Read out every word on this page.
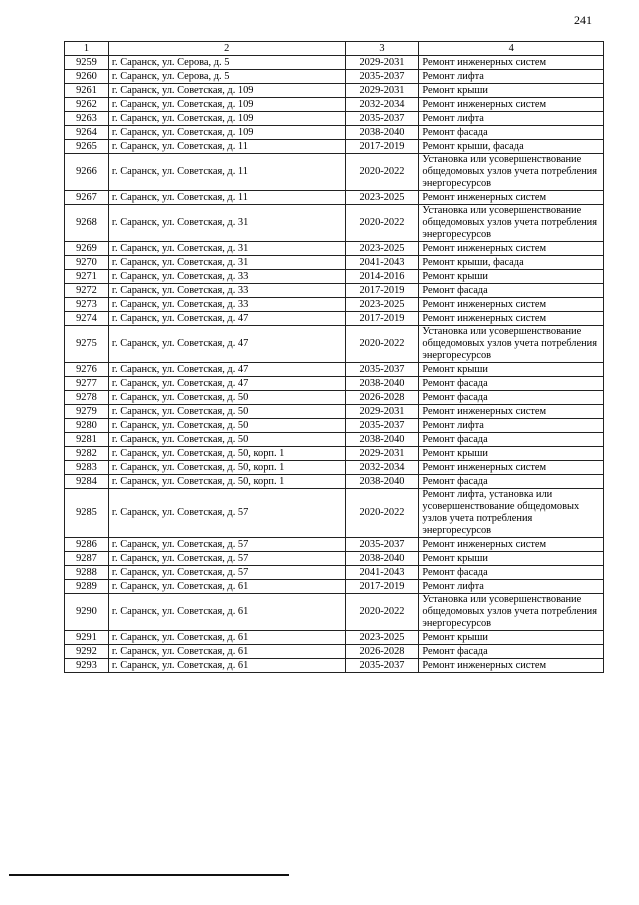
241
1	2	3	4
9259	г. Саранск, ул. Серова, д. 5	2029-2031	Ремонт инженерных систем
9260	г. Саранск, ул. Серова, д. 5	2035-2037	Ремонт лифта
9261	г. Саранск, ул. Советская, д. 109	2029-2031	Ремонт крыши
9262	г. Саранск, ул. Советская, д. 109	2032-2034	Ремонт инженерных систем
9263	г. Саранск, ул. Советская, д. 109	2035-2037	Ремонт лифта
9264	г. Саранск, ул. Советская, д. 109	2038-2040	Ремонт фасада
9265	г. Саранск, ул. Советская, д. 11	2017-2019	Ремонт крыши, фасада
9266	г. Саранск, ул. Советская, д. 11	2020-2022	Установка или усовершенствование общедомовых узлов учета потребления энергоресурсов
9267	г. Саранск, ул. Советская, д. 11	2023-2025	Ремонт инженерных систем
9268	г. Саранск, ул. Советская, д. 31	2020-2022	Установка или усовершенствование общедомовых узлов учета потребления энергоресурсов
9269	г. Саранск, ул. Советская, д. 31	2023-2025	Ремонт инженерных систем
9270	г. Саранск, ул. Советская, д. 31	2041-2043	Ремонт крыши, фасада
9271	г. Саранск, ул. Советская, д. 33	2014-2016	Ремонт крыши
9272	г. Саранск, ул. Советская, д. 33	2017-2019	Ремонт фасада
9273	г. Саранск, ул. Советская, д. 33	2023-2025	Ремонт инженерных систем
9274	г. Саранск, ул. Советская, д. 47	2017-2019	Ремонт инженерных систем
9275	г. Саранск, ул. Советская, д. 47	2020-2022	Установка или усовершенствование общедомовых узлов учета потребления энергоресурсов
9276	г. Саранск, ул. Советская, д. 47	2035-2037	Ремонт крыши
9277	г. Саранск, ул. Советская, д. 47	2038-2040	Ремонт фасада
9278	г. Саранск, ул. Советская, д. 50	2026-2028	Ремонт фасада
9279	г. Саранск, ул. Советская, д. 50	2029-2031	Ремонт инженерных систем
9280	г. Саранск, ул. Советская, д. 50	2035-2037	Ремонт лифта
9281	г. Саранск, ул. Советская, д. 50	2038-2040	Ремонт фасада
9282	г. Саранск, ул. Советская, д. 50, корп. 1	2029-2031	Ремонт крыши
9283	г. Саранск, ул. Советская, д. 50, корп. 1	2032-2034	Ремонт инженерных систем
9284	г. Саранск, ул. Советская, д. 50, корп. 1	2038-2040	Ремонт фасада
9285	г. Саранск, ул. Советская, д. 57	2020-2022	Ремонт лифта, установка или усовершенствование общедомовых узлов учета потребления энергоресурсов
9286	г. Саранск, ул. Советская, д. 57	2035-2037	Ремонт инженерных систем
9287	г. Саранск, ул. Советская, д. 57	2038-2040	Ремонт крыши
9288	г. Саранск, ул. Советская, д. 57	2041-2043	Ремонт фасада
9289	г. Саранск, ул. Советская, д. 61	2017-2019	Ремонт лифта
9290	г. Саранск, ул. Советская, д. 61	2020-2022	Установка или усовершенствование общедомовых узлов учета потребления энергоресурсов
9291	г. Саранск, ул. Советская, д. 61	2023-2025	Ремонт крыши
9292	г. Саранск, ул. Советская, д. 61	2026-2028	Ремонт фасада
9293	г. Саранск, ул. Советская, д. 61	2035-2037	Ремонт инженерных систем
